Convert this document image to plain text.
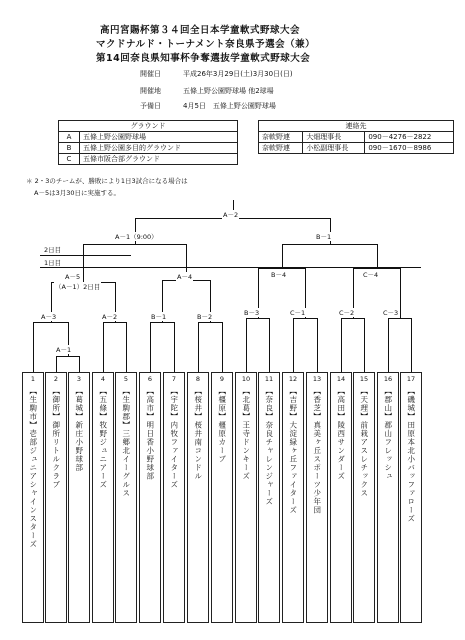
高円宮賜杯第３４回全日本学童軟式野球大会
マクドナルド・トーナメント奈良県予選会（兼）
第14回奈良県知事杯争奪選抜学童軟式野球大会
開催日	平成26年3月29日(土)3月30日(日)
開催地	五條上野公園野球場 他2球場
予備日	4月5日　五條上野公園野球場
グラウンド	
A	五條上野公園野球場
B	五條上野公園多目的グラウンド
C	五條市阪合部グラウンド
連絡先		
奈軟野連	大畑理事長	090－4276－2822
奈軟野連	小松副理事長	090－1670－8986
＊ 2・3のチームが、勝敗により1日3試合になる場合は
A－5は3月30日に実施する。
2日目
1日目
A－2
A－1（9:00）	B－1
A－5
（A－1）2日目
A－4	B－4	C－4
A－3	A－2	B－1	B－2	B－3	C－1	C－2	C－3
A－1
1
【生駒市】壱部ジュニアシャインスターズ
2
【御所】御所リトルクラブ
3
【葛城】新庄小野球部
4
【五條】牧野ジュニアーズ
5
【生駒郡】三郷北イーグルス
6
【高市】明日香小野球部
7
【宇陀】内牧ファイターズ
8
【桜井】桜井南コンドル
9
【橿原】橿原カーブ
10
【北葛】王寺ドンキーズ
11
【奈良】奈良チャレンジャーズ
12
【吉野】大淀緑ヶ丘ファイターズ
13
【香芝】真美ヶ丘スポーツ少年団
14
【高田】陵西サンダーズ
15
【天理】前栽アスレチックス
16
【郡山】郡山フレッシュ
17
【磯城】田原本北小バッファローズ
